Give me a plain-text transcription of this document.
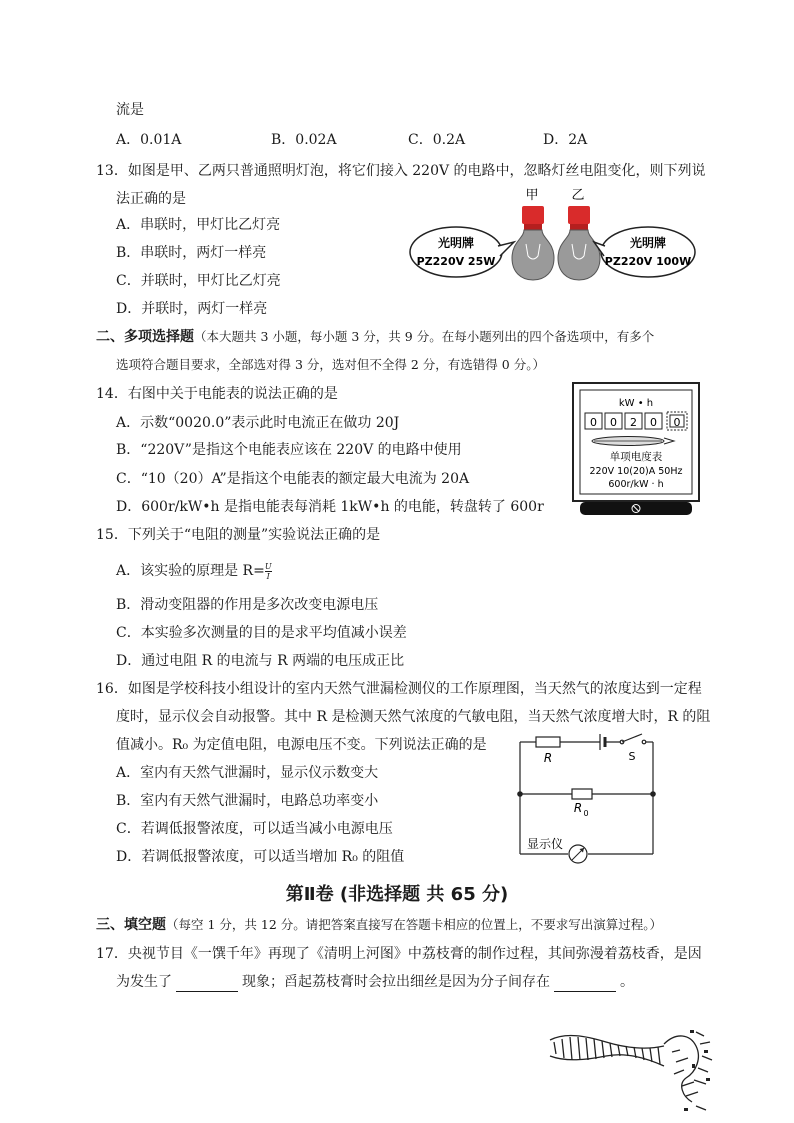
流是
A．0.01A	B．0.02A	C．0.2A	D．2A
13．如图是甲、乙两只普通照明灯泡，将它们接入 220V 的电路中，忽略灯丝电阻变化，则下列说
法正确的是
A．串联时，甲灯比乙灯亮
B．串联时，两灯一样亮
C．并联时，甲灯比乙灯亮
D．并联时，两灯一样亮
甲	乙
光明牌
PZ220V 25W
光明牌
PZ220V 100W
二、多项选择题（本大题共 3 小题，每小题 3 分，共 9 分。在每小题列出的四个备选项中，有多个
选项符合题目要求，全部选对得 3 分，选对但不全得 2 分，有选错得 0 分。）
14．右图中关于电能表的说法正确的是
A．示数“0020.0”表示此时电流正在做功 20J
B．“220V”是指这个电能表应该在 220V 的电路中使用
C．“10（20）A”是指这个电能表的额定最大电流为 20A
D．600r/kW•h 是指电能表每消耗 1kW•h 的电能，转盘转了 600r
kW • h
0 0 2 0 0
单项电度表
220V 10(20)A 50Hz
600r/kW · h
15．下列关于“电阻的测量”实验说法正确的是
A．该实验的原理是 $R= \frac{U}{I}$
B．滑动变阻器的作用是多次改变电源电压
C．本实验多次测量的目的是求平均值减小误差
D．通过电阻 R 的电流与 R 两端的电压成正比
16．如图是学校科技小组设计的室内天然气泄漏检测仪的工作原理图，当天然气的浓度达到一定程
度时，显示仪会自动报警。其中 R 是检测天然气浓度的气敏电阻，当天然气浓度增大时，R 的阻
值减小。R₀ 为定值电阻，电源电压不变。下列说法正确的是
A．室内有天然气泄漏时，显示仪示数变大
B．室内有天然气泄漏时，电路总功率变小
C．若调低报警浓度，可以适当减小电源电压
D．若调低报警浓度，可以适当增加 R₀ 的阻值
R	S
R 0
显示仪
第Ⅱ卷 (非选择题 共 65 分)
三、填空题（每空 1 分，共 12 分。请把答案直接写在答题卡相应的位置上，不要求写出演算过程。）
17．央视节目《一馔千年》再现了《清明上河图》中荔枝膏的制作过程，其间弥漫着荔枝香，是因
为发生了	现象；舀起荔枝膏时会拉出细丝是因为分子间存在	。
